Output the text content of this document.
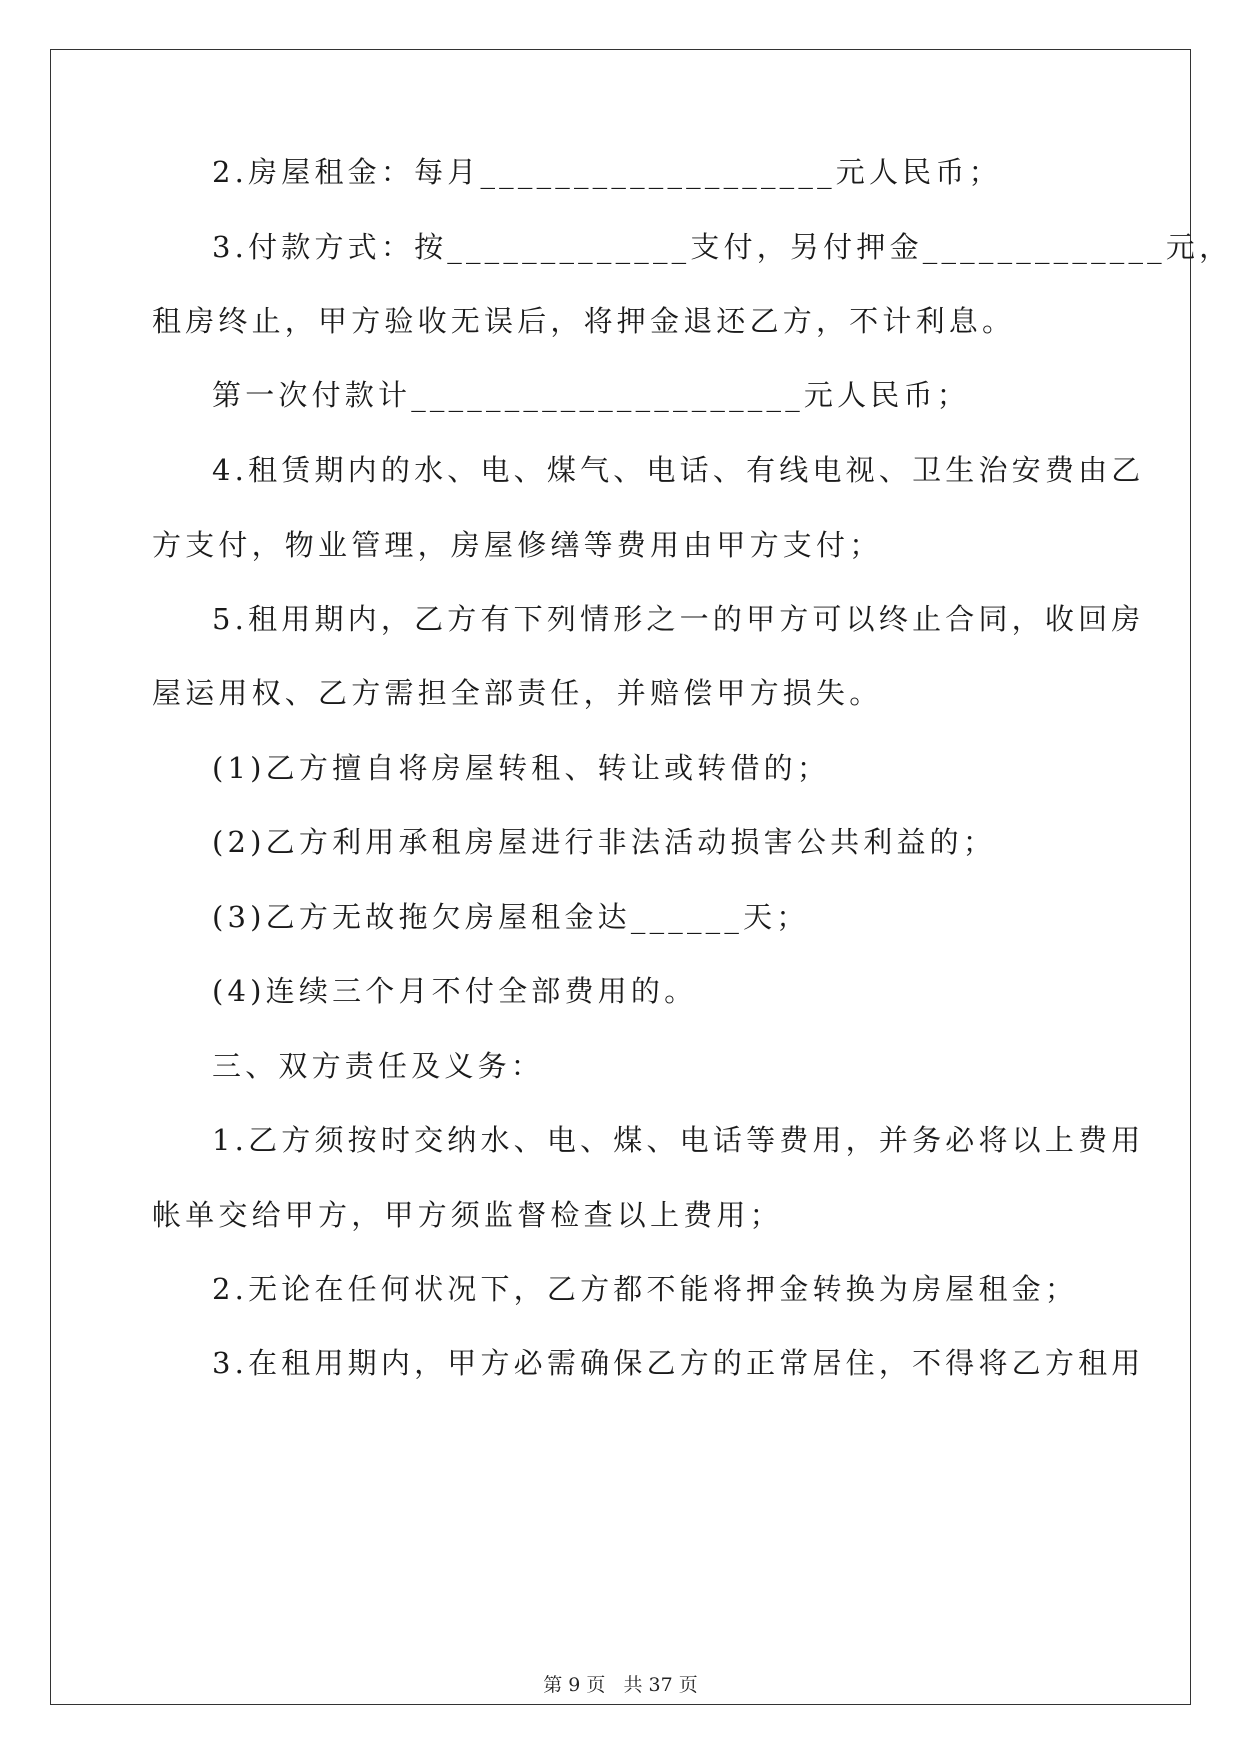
2.房屋租金：每月___________________元人民币；
3.付款方式：按_____________支付，另付押金_____________元，
租房终止，甲方验收无误后，将押金退还乙方，不计利息。
第一次付款计_____________________元人民币；
4.租赁期内的水、电、煤气、电话、有线电视、卫生治安费由乙
方支付，物业管理，房屋修缮等费用由甲方支付；
5.租用期内，乙方有下列情形之一的甲方可以终止合同，收回房
屋运用权、乙方需担全部责任，并赔偿甲方损失。
(1)乙方擅自将房屋转租、转让或转借的；
(2)乙方利用承租房屋进行非法活动损害公共利益的；
(3)乙方无故拖欠房屋租金达______天；
(4)连续三个月不付全部费用的。
三、双方责任及义务：
1.乙方须按时交纳水、电、煤、电话等费用，并务必将以上费用
帐单交给甲方，甲方须监督检查以上费用；
2.无论在任何状况下，乙方都不能将押金转换为房屋租金；
3.在租用期内，甲方必需确保乙方的正常居住，不得将乙方租用
第 9 页   共 37 页
